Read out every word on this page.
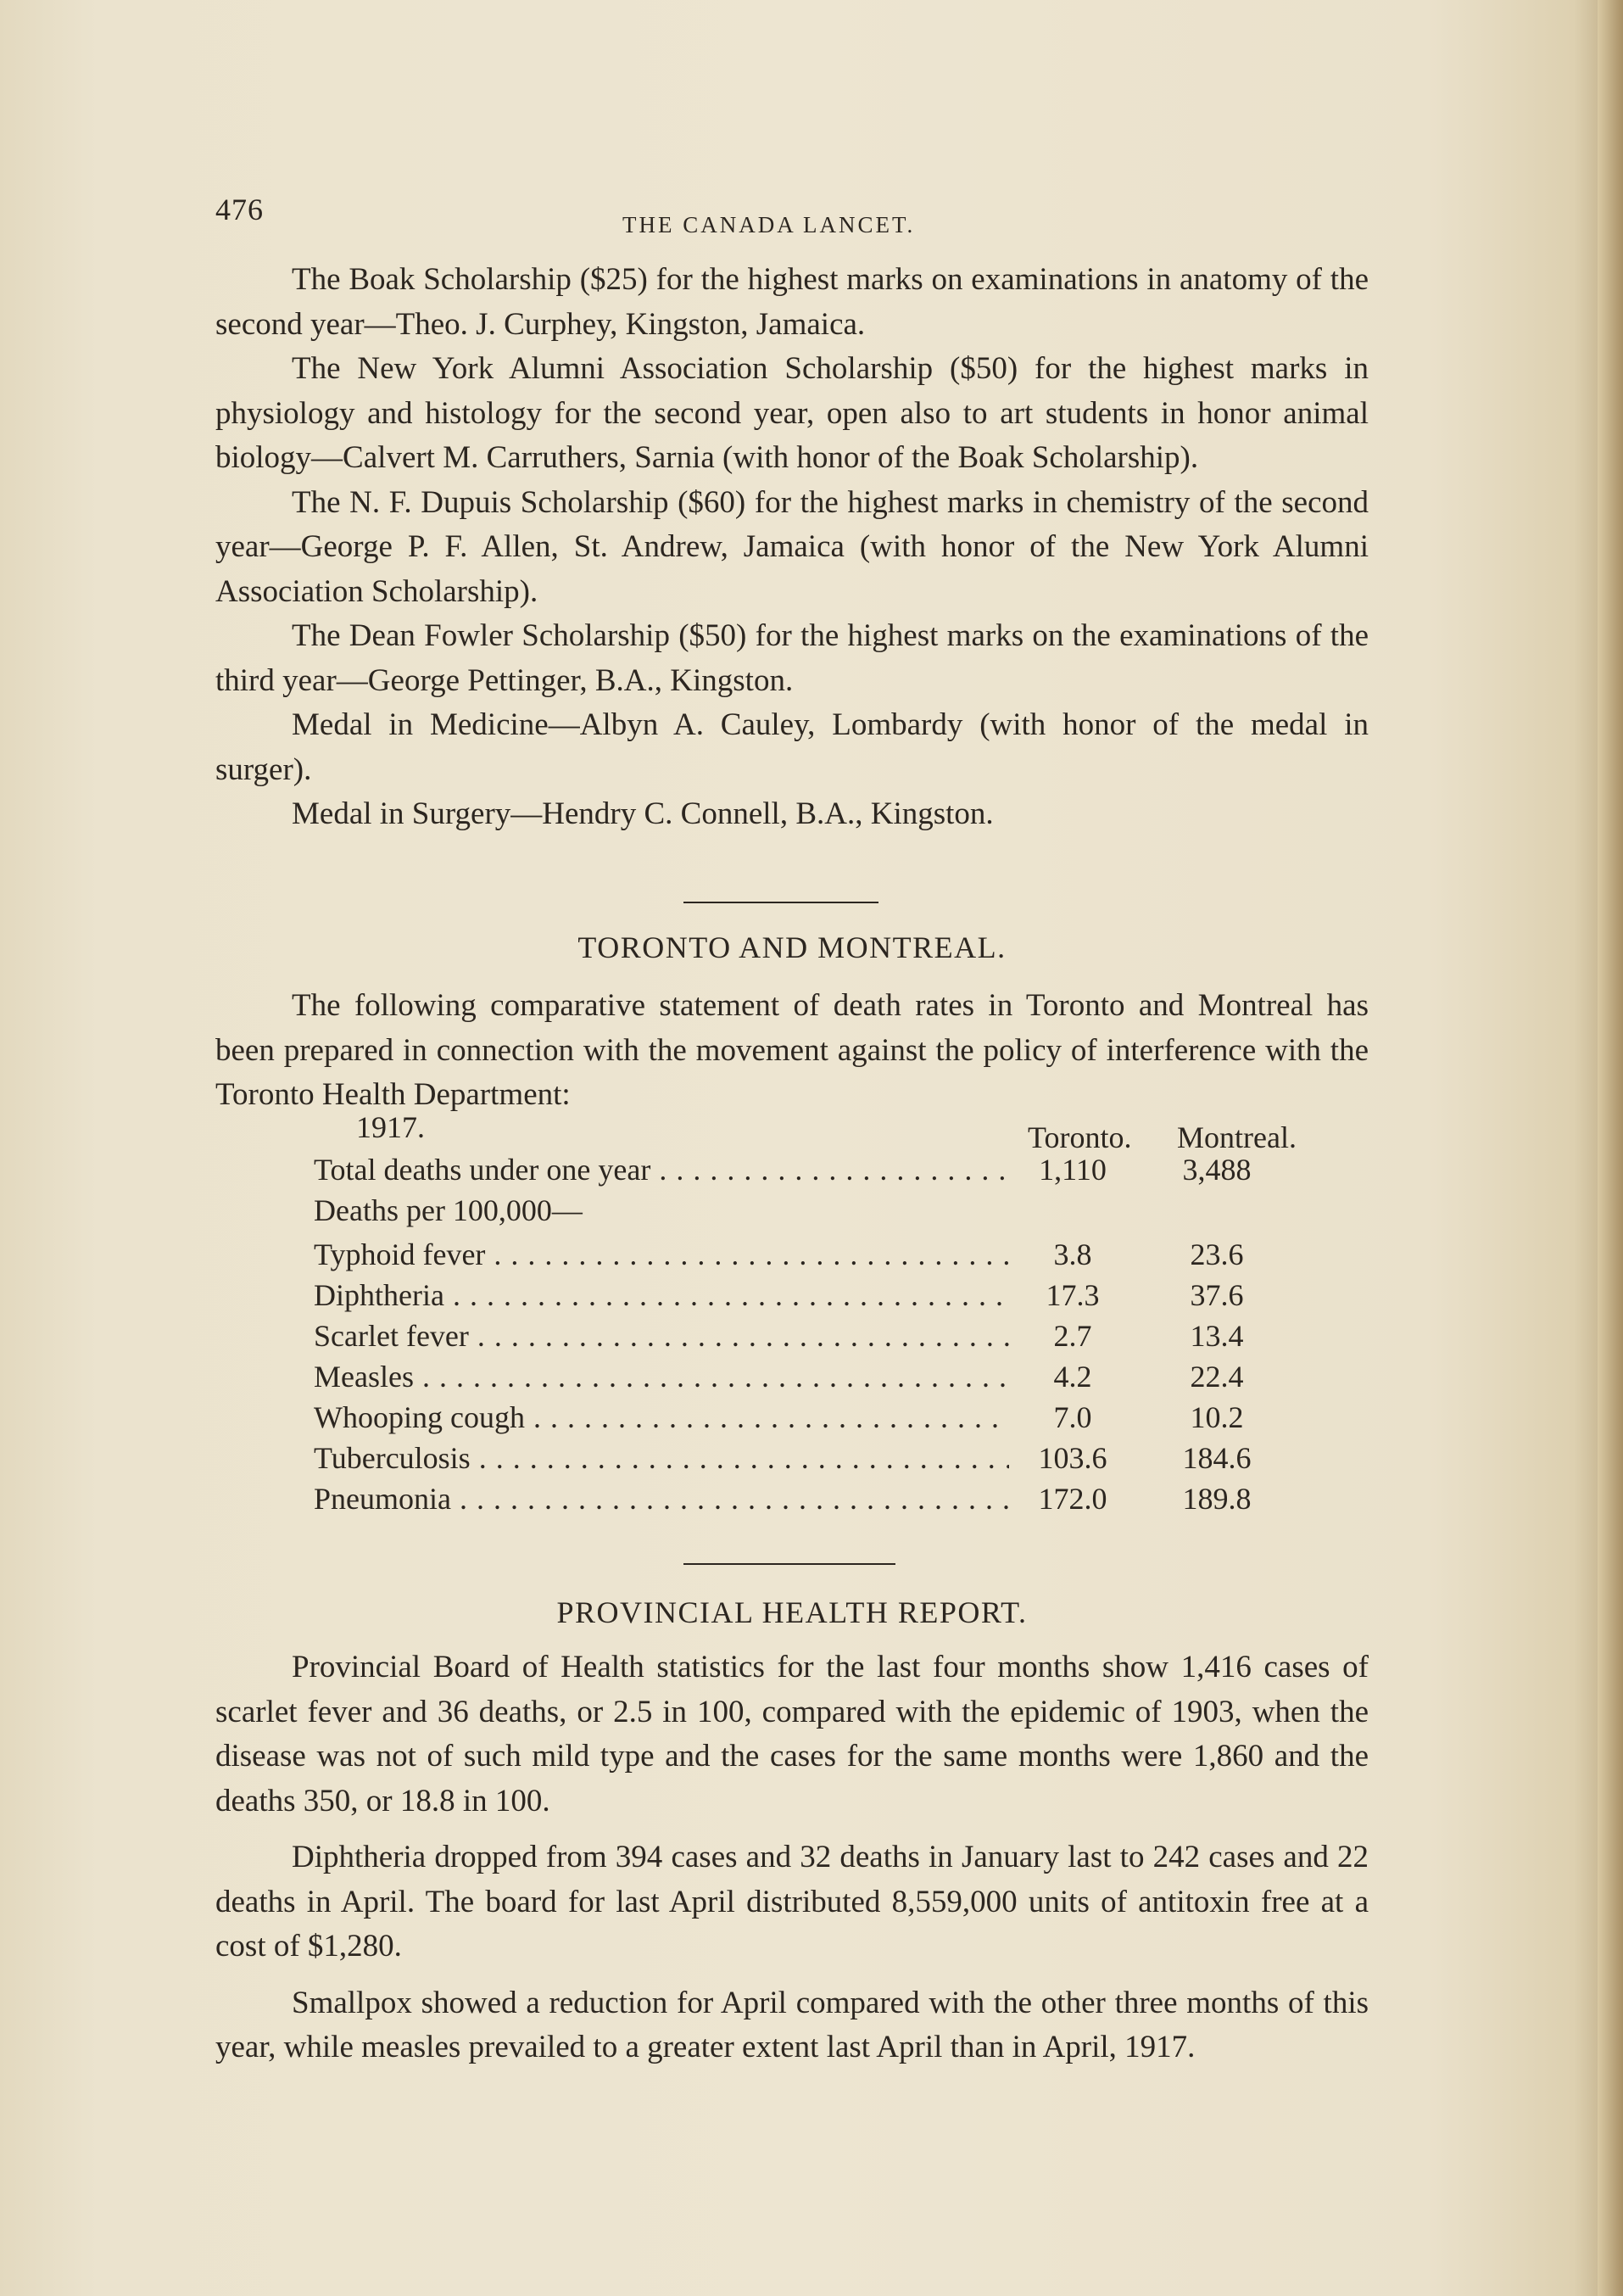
476	THE CANADA LANCET.

The Boak Scholarship ($25) for the highest marks on examinations in anatomy of the second year—Theo. J. Curphey, Kingston, Jamaica.

The New York Alumni Association Scholarship ($50) for the highest marks in physiology and histology for the second year, open also to art students in honor animal biology—Calvert M. Carruthers, Sarnia (with honor of the Boak Scholarship).

The N. F. Dupuis Scholarship ($60) for the highest marks in chemistry of the second year—George P. F. Allen, St. Andrew, Jamaica (with honor of the New York Alumni Association Scholarship).

The Dean Fowler Scholarship ($50) for the highest marks on the examinations of the third year—George Pettinger, B.A., Kingston.

Medal in Medicine—Albyn A. Cauley, Lombardy (with honor of the medal in surger).

Medal in Surgery—Hendry C. Connell, B.A., Kingston.

TORONTO AND MONTREAL.

The following comparative statement of death rates in Toronto and Montreal has been prepared in connection with the movement against the policy of interference with the Toronto Health Department:

1917.	Toronto. Montreal.
Total deaths under one year . . .	1,110	3,488
Deaths per 100,000—
Typhoid fever . . .	3.8	23.6
Diphtheria . . .	17.3	37.6
Scarlet fever . . .	2.7	13.4
Measles . . .	4.2	22.4
Whooping cough . . .	7.0	10.2
Tuberculosis . . .	103.6	184.6
Pneumonia . . .	172.0	189.8
PROVINCIAL HEALTH REPORT.

Provincial Board of Health statistics for the last four months show 1,416 cases of scarlet fever and 36 deaths, or 2.5 in 100, compared with the epidemic of 1903, when the disease was not of such mild type and the cases for the same months were 1,860 and the deaths 350, or 18.8 in 100.

Diphtheria dropped from 394 cases and 32 deaths in January last to 242 cases and 22 deaths in April. The board for last April distributed 8,559,000 units of antitoxin free at a cost of $1,280.

Smallpox showed a reduction for April compared with the other three months of this year, while measles prevailed to a greater extent last April than in April, 1917.
